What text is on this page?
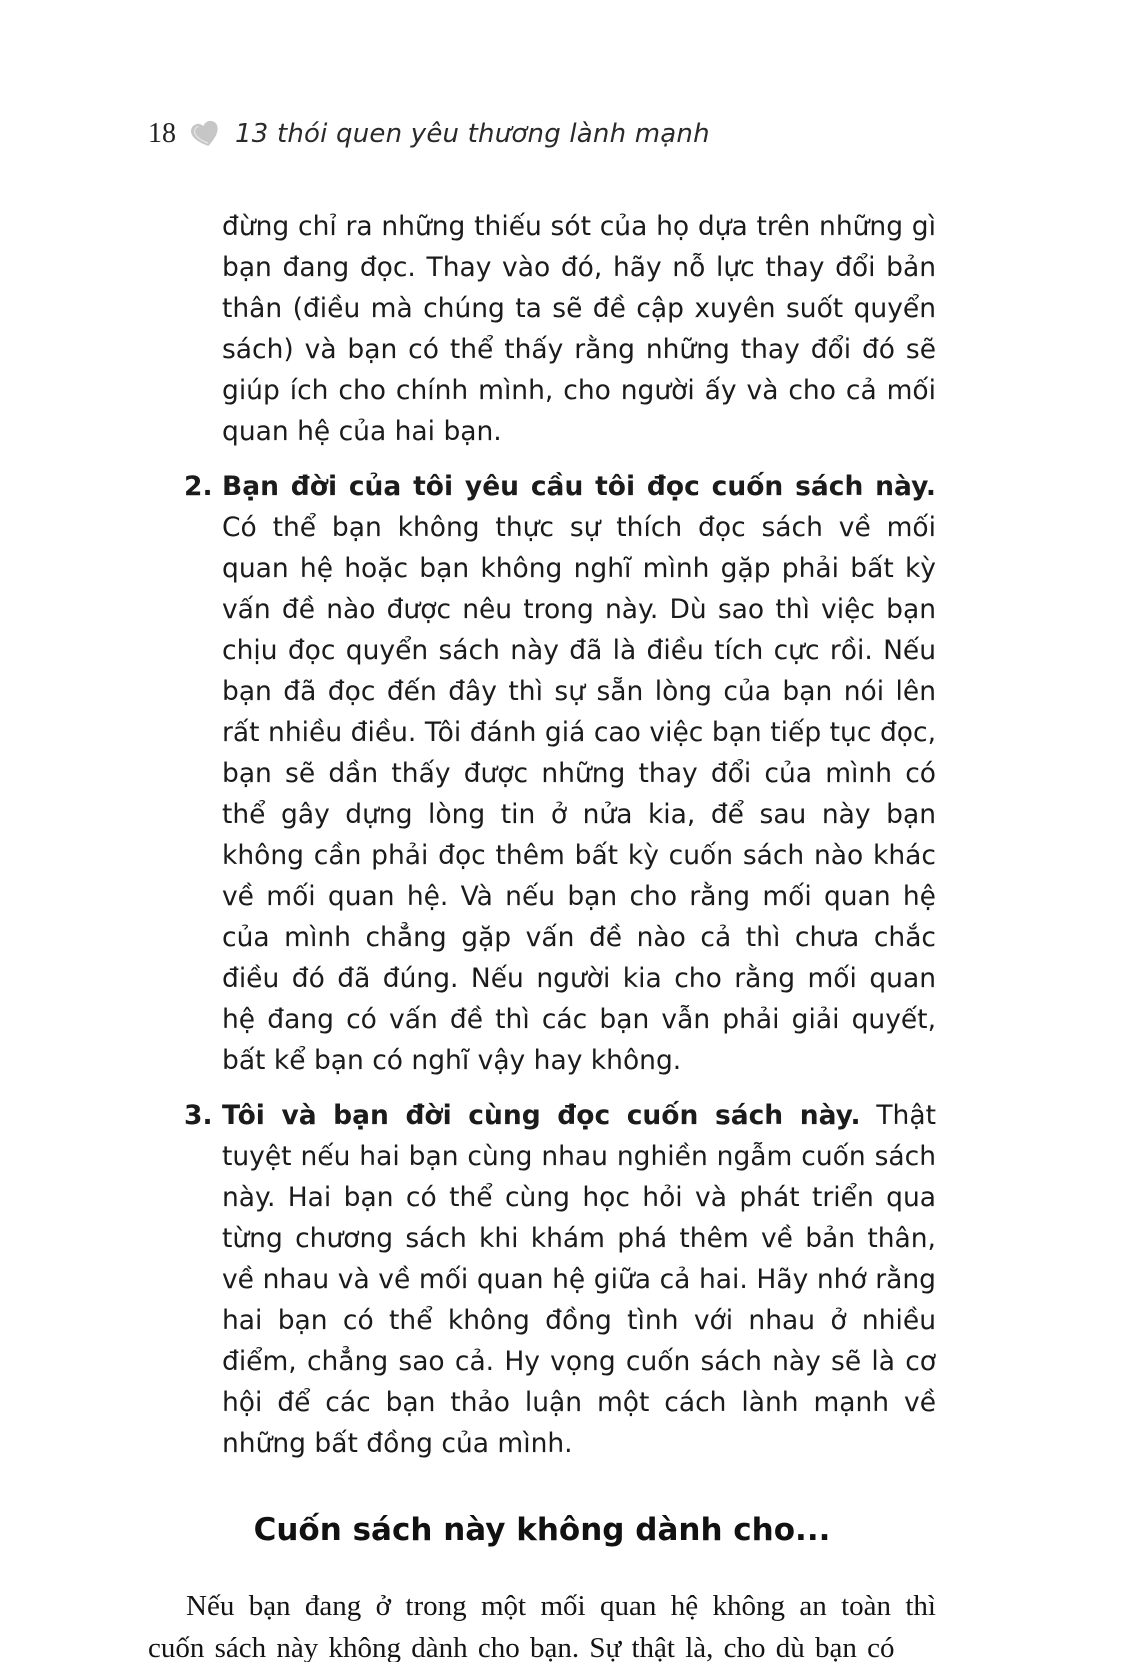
18 13 thói quen yêu thương lành mạnh

đừng chỉ ra những thiếu sót của họ dựa trên những gì bạn đang đọc. Thay vào đó, hãy nỗ lực thay đổi bản thân (điều mà chúng ta sẽ đề cập xuyên suốt quyển sách) và bạn có thể thấy rằng những thay đổi đó sẽ giúp ích cho chính mình, cho người ấy và cho cả mối quan hệ của hai bạn.

2. Bạn đời của tôi yêu cầu tôi đọc cuốn sách này. Có thể bạn không thực sự thích đọc sách về mối quan hệ hoặc bạn không nghĩ mình gặp phải bất kỳ vấn đề nào được nêu trong này. Dù sao thì việc bạn chịu đọc quyển sách này đã là điều tích cực rồi. Nếu bạn đã đọc đến đây thì sự sẵn lòng của bạn nói lên rất nhiều điều. Tôi đánh giá cao việc bạn tiếp tục đọc, bạn sẽ dần thấy được những thay đổi của mình có thể gây dựng lòng tin ở nửa kia, để sau này bạn không cần phải đọc thêm bất kỳ cuốn sách nào khác về mối quan hệ. Và nếu bạn cho rằng mối quan hệ của mình chẳng gặp vấn đề nào cả thì chưa chắc điều đó đã đúng. Nếu người kia cho rằng mối quan hệ đang có vấn đề thì các bạn vẫn phải giải quyết, bất kể bạn có nghĩ vậy hay không.

3. Tôi và bạn đời cùng đọc cuốn sách này. Thật tuyệt nếu hai bạn cùng nhau nghiền ngẫm cuốn sách này. Hai bạn có thể cùng học hỏi và phát triển qua từng chương sách khi khám phá thêm về bản thân, về nhau và về mối quan hệ giữa cả hai. Hãy nhớ rằng hai bạn có thể không đồng tình với nhau ở nhiều điểm, chẳng sao cả. Hy vọng cuốn sách này sẽ là cơ hội để các bạn thảo luận một cách lành mạnh về những bất đồng của mình.

Cuốn sách này không dành cho...

Nếu bạn đang ở trong một mối quan hệ không an toàn thì cuốn sách này không dành cho bạn. Sự thật là, cho dù bạn có
